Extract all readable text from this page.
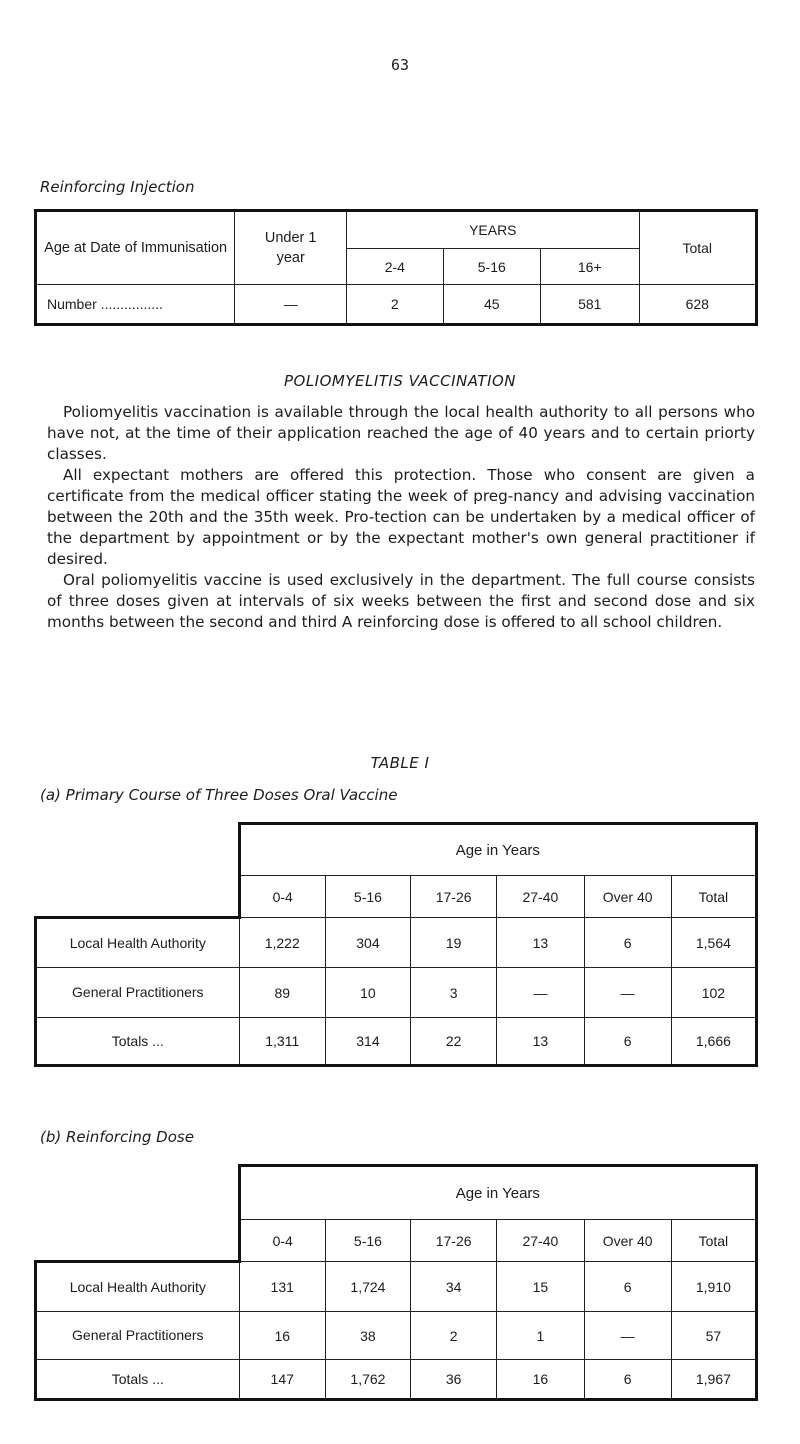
63
Reinforcing Injection
Age at Date of Immunisation	Under 1 year	YEARS			Total
		2-4	5-16	16+	
Number ................	—	2	45	581	628
POLIOMYELITIS VACCINATION

Poliomyelitis vaccination is available through the local health authority to all persons who have not, at the time of their application reached the age of 40 years and to certain priorty classes.

All expectant mothers are offered this protection. Those who consent are given a certificate from the medical officer stating the week of preg-nancy and advising vaccination between the 20th and the 35th week. Pro-tection can be undertaken by a medical officer of the department by appointment or by the expectant mother's own general practitioner if desired.

Oral poliomyelitis vaccine is used exclusively in the department. The full course consists of three doses given at intervals of six weeks between the first and second dose and six months between the second and third A reinforcing dose is offered to all school children.

TABLE I
(a) Primary Course of Three Doses Oral Vaccine
	Age in Years					
	0-4	5-16	17-26	27-40	Over 40	Total
Local Health Authority	1,222	304	19	13	6	1,564
General Practitioners	89	10	3	—	—	102
Totals ...	1,311	314	22	13	6	1,666
(b) Reinforcing Dose
	Age in Years					
	0-4	5-16	17-26	27-40	Over 40	Total
Local Health Authority	131	1,724	34	15	6	1,910
General Practitioners	16	38	2	1	—	57
Totals ...	147	1,762	36	16	6	1,967
